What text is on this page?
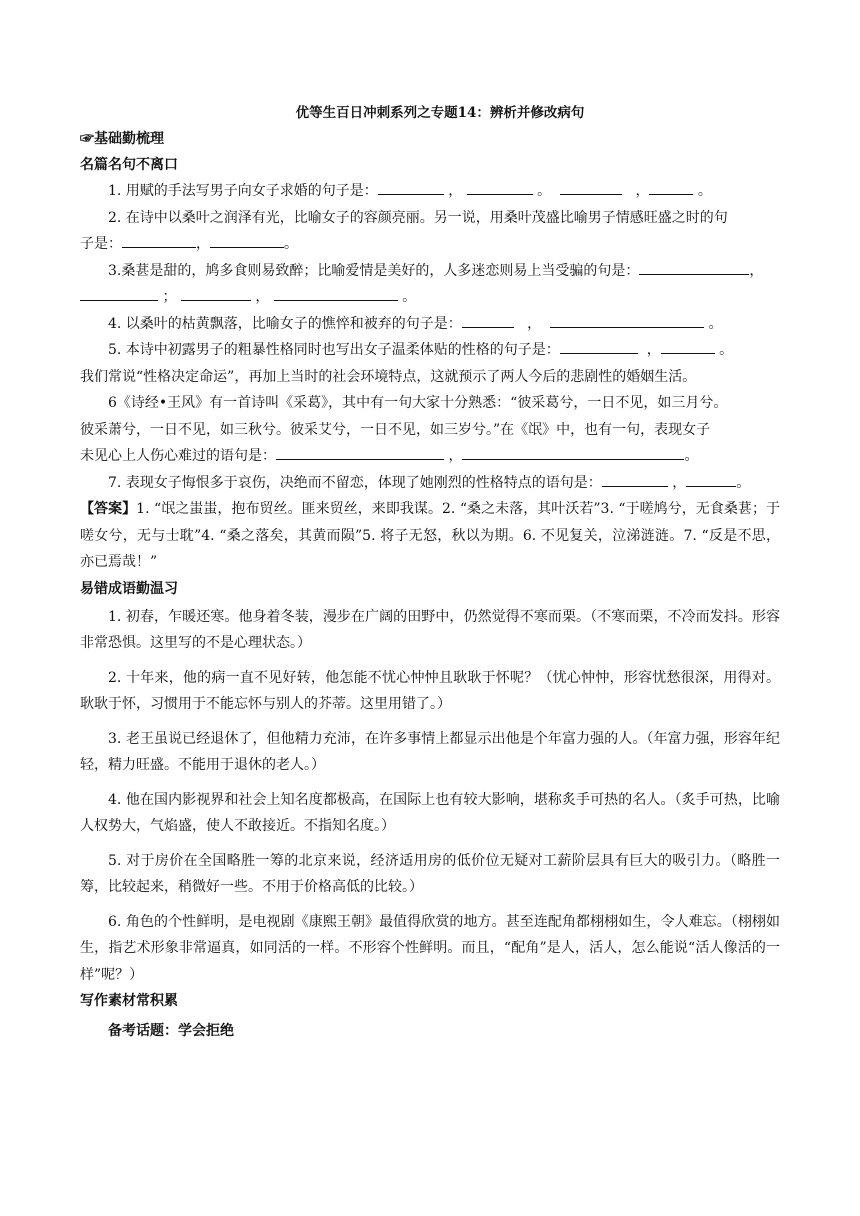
优等生百日冲刺系列之专题14：辨析并修改病句
☞基础勤梳理
名篇名句不离口

1. 用赋的手法写男子向女子求婚的句子是：	，	。	，	。

2. 在诗中以桑叶之润泽有光，比喻女子的容颜亮丽。另一说，用桑叶茂盛比喻男子情感旺盛之时的句

子是：	，	。

3.桑葚是甜的，鸠多食则易致醉；比喻爱情是美好的，人多迷恋则易上当受骗的句是：	，

；	，	。

4. 以桑叶的枯黄飘落，比喻女子的憔悴和被弃的句子是：	，	。

5. 本诗中初露男子的粗暴性格同时也写出女子温柔体贴的性格的句子是：	，	。

我们常说“性格决定命运”，再加上当时的社会环境特点，这就预示了两人今后的悲剧性的婚姻生活。

6《诗经•王风》有一首诗叫《采葛》，其中有一句大家十分熟悉：“彼采葛兮，一日不见，如三月兮。

彼采萧兮，一日不见，如三秋兮。彼采艾兮，一日不见，如三岁兮。”在《氓》中，也有一句，表现女子

未见心上人伤心难过的语句是：	，	。

7. 表现女子悔恨多于哀伤，决绝而不留恋，体现了她刚烈的性格特点的语句是：	，	。

【答案】1. “氓之蚩蚩，抱布贸丝。匪来贸丝，来即我谋。2. “桑之未落，其叶沃若”3. “于嗟鸠兮，无食桑葚；于嗟女兮，无与士耽”4. “桑之落矣，其黄而陨”5. 将子无怒，秋以为期。6. 不见复关，泣涕涟涟。7. “反是不思，亦已焉哉！”

易错成语勤温习

1. 初春，乍暖还寒。他身着冬装，漫步在广阔的田野中，仍然觉得不寒而栗。（不寒而栗，不冷而发抖。形容非常恐惧。这里写的不是心理状态。）

2. 十年来，他的病一直不见好转，他怎能不忧心忡忡且耿耿于怀呢？（忧心忡忡，形容忧愁很深，用得对。耿耿于怀，习惯用于不能忘怀与别人的芥蒂。这里用错了。）

3. 老王虽说已经退休了，但他精力充沛，在许多事情上都显示出他是个年富力强的人。（年富力强，形容年纪轻，精力旺盛。不能用于退休的老人。）

4. 他在国内影视界和社会上知名度都极高，在国际上也有较大影响，堪称炙手可热的名人。（炙手可热，比喻人权势大，气焰盛，使人不敢接近。不指知名度。）

5. 对于房价在全国略胜一筹的北京来说，经济适用房的低价位无疑对工薪阶层具有巨大的吸引力。（略胜一筹，比较起来，稍微好一些。不用于价格高低的比较。）

6. 角色的个性鲜明，是电视剧《康熙王朝》最值得欣赏的地方。甚至连配角都栩栩如生，令人难忘。（栩栩如生，指艺术形象非常逼真，如同活的一样。不形容个性鲜明。而且，“配角”是人，活人，怎么能说“活人像活的一样”呢？）

写作素材常积累
备考话题：学会拒绝
